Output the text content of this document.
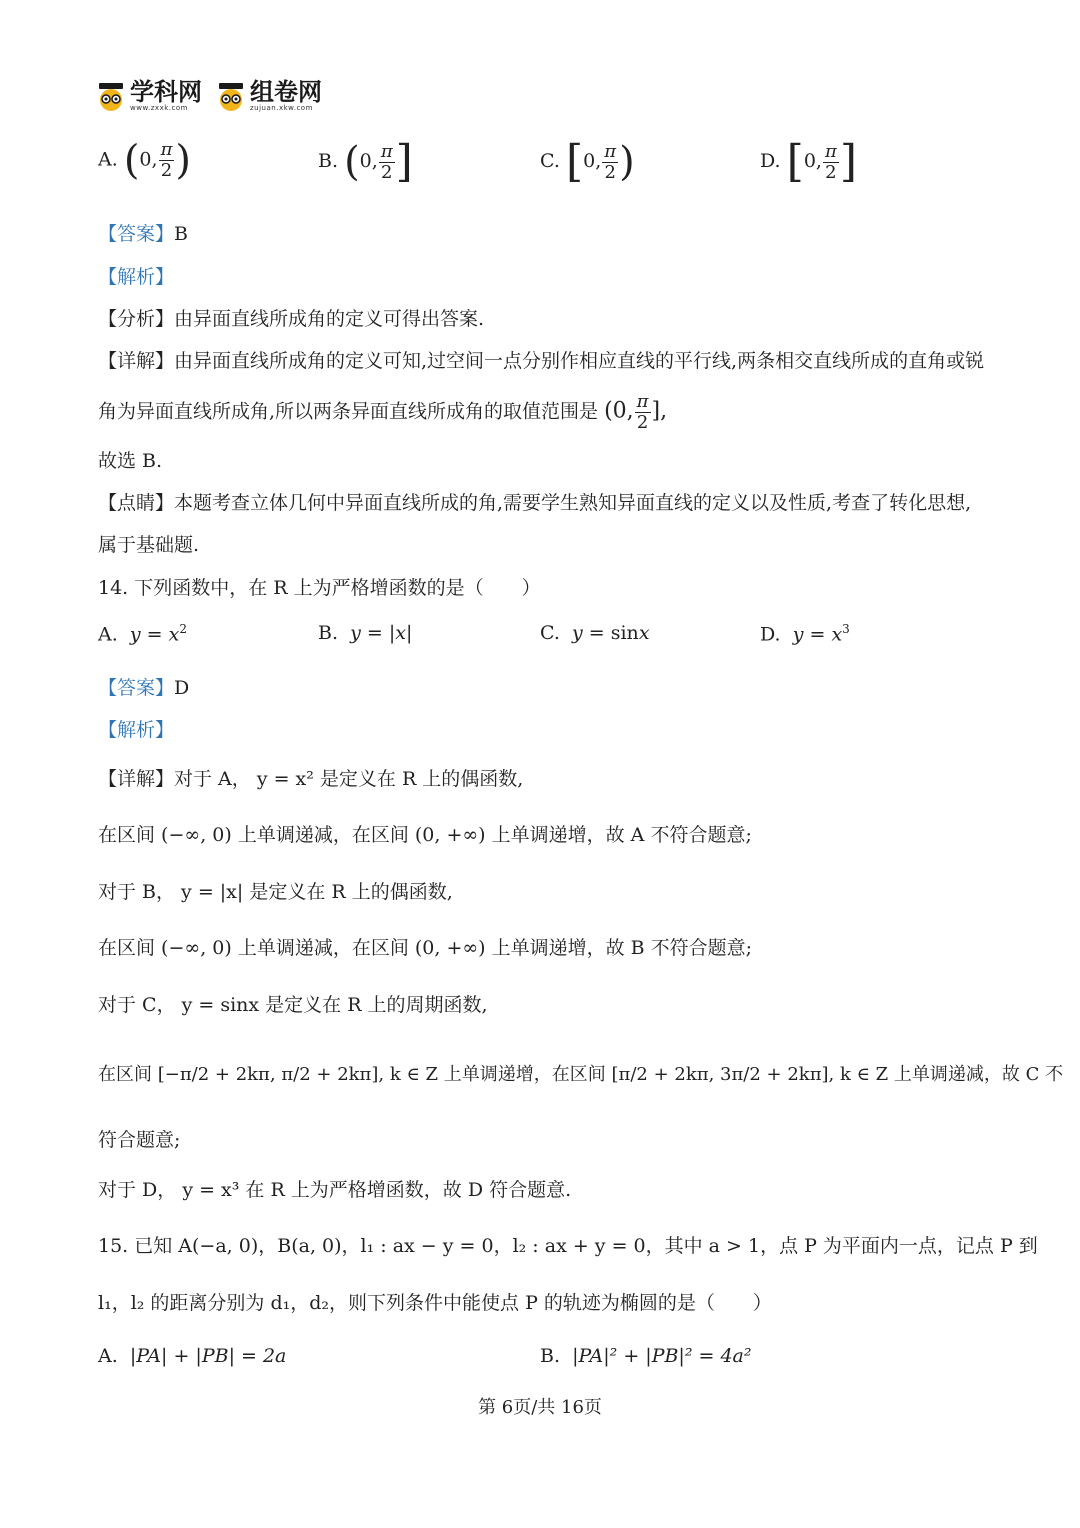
学科网
www.zxxk.com
组卷网
zujuan.xkw.com
A. (0, $\frac{\pi}{2}$ )	B. (0, $\frac{\pi}{2}$ ]	C. [0, $\frac{\pi}{2}$ )	D. [0, $\frac{\pi}{2}$ ]
【答案】B
【解析】
【分析】由异面直线所成角的定义可得出答案.
【详解】由异面直线所成角的定义可知,过空间一点分别作相应直线的平行线,两条相交直线所成的直角或锐
角为异面直线所成角,所以两条异面直线所成角的取值范围是 (0, $\frac{\pi}{2}$ ],
故选 B.
【点睛】本题考查立体几何中异面直线所成的角,需要学生熟知异面直线的定义以及性质,考查了转化思想,
属于基础题.
14. 下列函数中，在 R 上为严格增函数的是（　　）
A. $y = x^2$	B. y = |x|	C. y = sinx	D. $y = x^3$
【答案】D
【解析】
【详解】对于 A， y = x² 是定义在 R 上的偶函数,
在区间 (−∞, 0) 上单调递减，在区间 (0, +∞) 上单调递增，故 A 不符合题意;
对于 B， y = |x| 是定义在 R 上的偶函数,
在区间 (−∞, 0) 上单调递减，在区间 (0, +∞) 上单调递增，故 B 不符合题意;
对于 C， y = sinx 是定义在 R 上的周期函数,
在区间 [−π/2 + 2kπ, π/2 + 2kπ], k ∈ Z 上单调递增，在区间 [π/2 + 2kπ, 3π/2 + 2kπ], k ∈ Z 上单调递减，故 C 不
符合题意;
对于 D， y = x³ 在 R 上为严格增函数，故 D 符合题意.
15. 已知 A(−a, 0)，B(a, 0)，l₁ : ax − y = 0，l₂ : ax + y = 0，其中 a > 1，点 P 为平面内一点，记点 P 到
l₁，l₂ 的距离分别为 d₁，d₂，则下列条件中能使点 P 的轨迹为椭圆的是（　　）
A. |PA| + |PB| = 2a	B. |PA|² + |PB|² = 4a²
第 6页/共 16页
